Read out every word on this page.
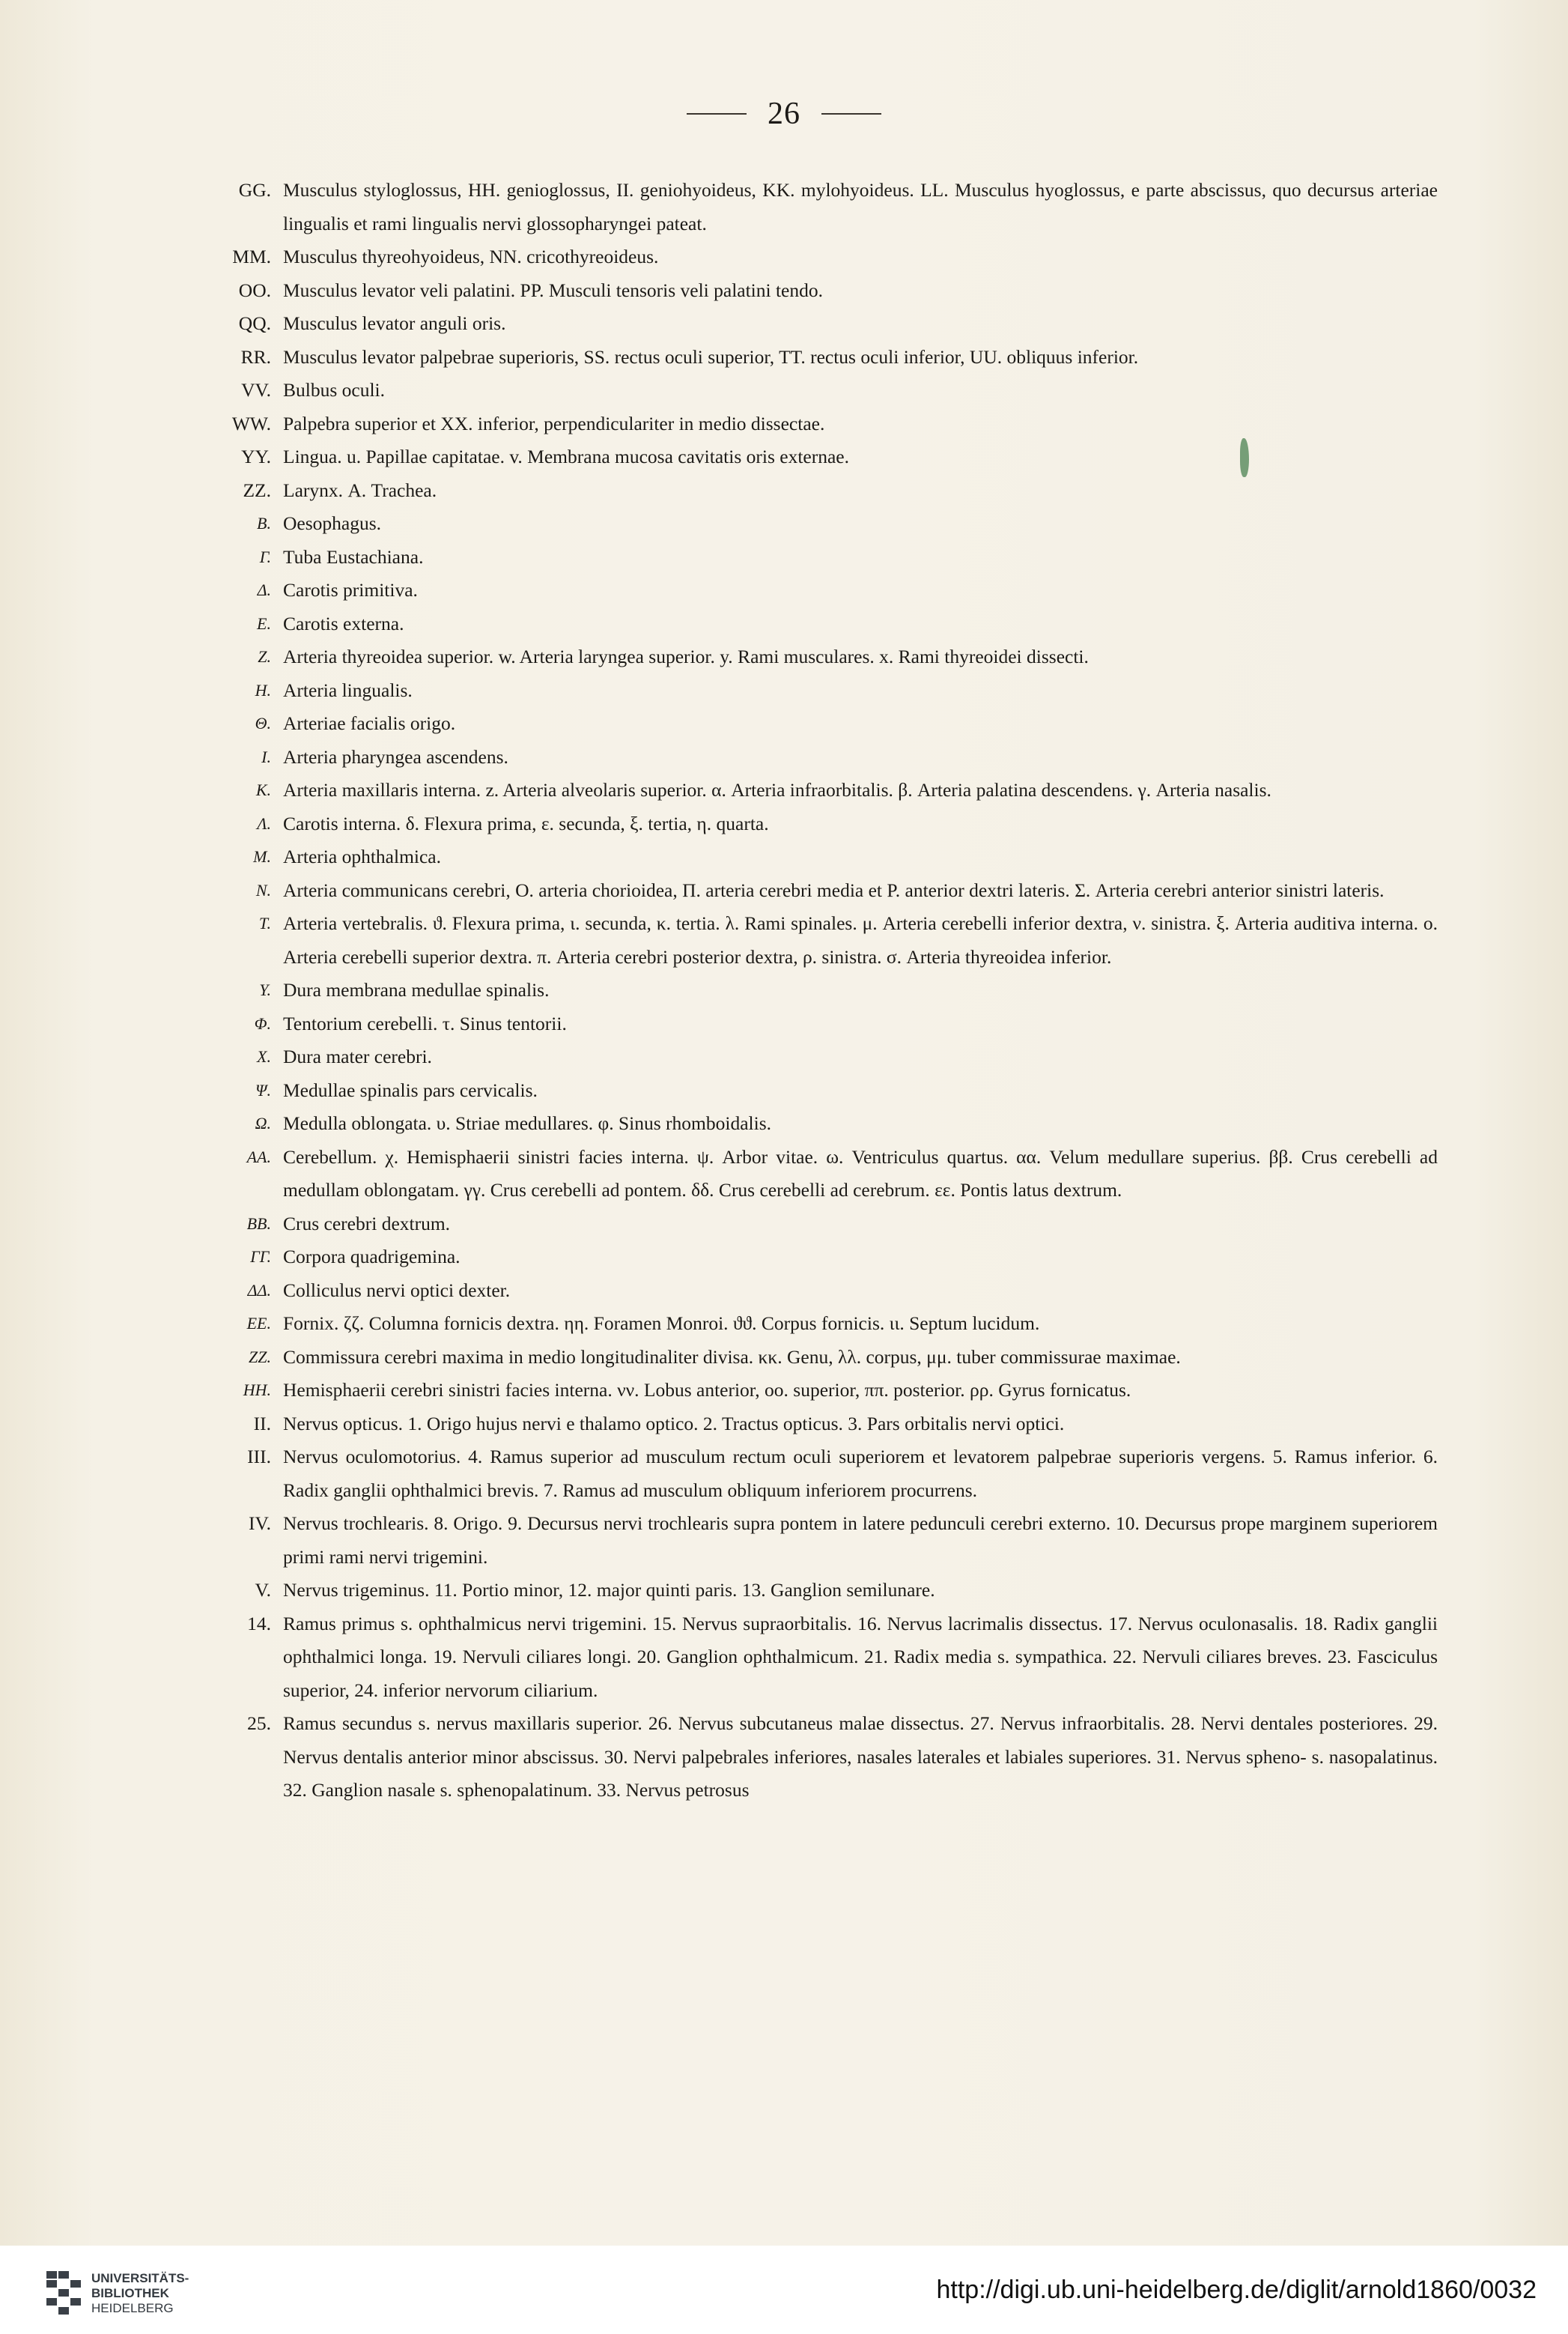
26
GG. Musculus styloglossus, HH. genioglossus, II. geniohyoideus, KK. mylohyoideus. LL. Musculus hyoglossus, e parte abscissus, quo decursus arteriae lingualis et rami lingualis nervi glossopharyngei pateat.
MM. Musculus thyreohyoideus, NN. cricothyreoideus.
OO. Musculus levator veli palatini. PP. Musculi tensoris veli palatini tendo.
QQ. Musculus levator anguli oris.
RR. Musculus levator palpebrae superioris, SS. rectus oculi superior, TT. rectus oculi inferior, UU. obliquus inferior.
VV. Bulbus oculi.
WW. Palpebra superior et XX. inferior, perpendiculariter in medio dissectae.
YY. Lingua. u. Papillae capitatae. v. Membrana mucosa cavitatis oris externae.
ZZ. Larynx. Α. Trachea.
Β. Oesophagus.
Γ. Tuba Eustachiana.
Δ. Carotis primitiva.
Ε. Carotis externa.
Ζ. Arteria thyreoidea superior. w. Arteria laryngea superior. y. Rami musculares. x. Rami thyreoidei dissecti.
Η. Arteria lingualis.
Θ. Arteriae facialis origo.
Ι. Arteria pharyngea ascendens.
Κ. Arteria maxillaris interna. z. Arteria alveolaris superior. α. Arteria infraorbitalis. β. Arteria palatina descendens. γ. Arteria nasalis.
Λ. Carotis interna. δ. Flexura prima, ε. secunda, ξ. tertia, η. quarta.
Μ. Arteria ophthalmica.
Ν. Arteria communicans cerebri, Ο. arteria chorioidea, Π. arteria cerebri media et Ρ. anterior dextri lateris. Σ. Arteria cerebri anterior sinistri lateris.
Τ. Arteria vertebralis. ϑ. Flexura prima, ι. secunda, κ. tertia. λ. Rami spinales. μ. Arteria cerebelli inferior dextra, ν. sinistra. ξ. Arteria auditiva interna. ο. Arteria cerebelli superior dextra. π. Arteria cerebri posterior dextra, ρ. sinistra. σ. Arteria thyreoidea inferior.
Υ. Dura membrana medullae spinalis.
Φ. Tentorium cerebelli. τ. Sinus tentorii.
Χ. Dura mater cerebri.
Ψ. Medullae spinalis pars cervicalis.
Ω. Medulla oblongata. υ. Striae medullares. φ. Sinus rhomboidalis.
ΑΑ. Cerebellum. χ. Hemisphaerii sinistri facies interna. ψ. Arbor vitae. ω. Ventriculus quartus. αα. Velum medullare superius. ββ. Crus cerebelli ad medullam oblongatam. γγ. Crus cerebelli ad pontem. δδ. Crus cerebelli ad cerebrum. εε. Pontis latus dextrum.
ΒΒ. Crus cerebri dextrum.
ΓΓ. Corpora quadrigemina.
ΔΔ. Colliculus nervi optici dexter.
ΕΕ. Fornix. ζζ. Columna fornicis dextra. ηη. Foramen Monroi. ϑϑ. Corpus fornicis. ιι. Septum lucidum.
ΖΖ. Commissura cerebri maxima in medio longitudinaliter divisa. κκ. Genu, λλ. corpus, μμ. tuber commissurae maximae.
ΗΗ. Hemisphaerii cerebri sinistri facies interna. νν. Lobus anterior, οο. superior, ππ. posterior. ρρ. Gyrus fornicatus.
II. Nervus opticus. 1. Origo hujus nervi e thalamo optico. 2. Tractus opticus. 3. Pars orbitalis nervi optici.
III. Nervus oculomotorius. 4. Ramus superior ad musculum rectum oculi superiorem et levatorem palpebrae superioris vergens. 5. Ramus inferior. 6. Radix ganglii ophthalmici brevis. 7. Ramus ad musculum obliquum inferiorem procurrens.
IV. Nervus trochlearis. 8. Origo. 9. Decursus nervi trochlearis supra pontem in latere pedunculi cerebri externo. 10. Decursus prope marginem superiorem primi rami nervi trigemini.
V. Nervus trigeminus. 11. Portio minor, 12. major quinti paris. 13. Ganglion semilunare.
14. Ramus primus s. ophthalmicus nervi trigemini. 15. Nervus supraorbitalis. 16. Nervus lacrimalis dissectus. 17. Nervus oculonasalis. 18. Radix ganglii ophthalmici longa. 19. Nervuli ciliares longi. 20. Ganglion ophthalmicum. 21. Radix media s. sympathica. 22. Nervuli ciliares breves. 23. Fasciculus superior, 24. inferior nervorum ciliarium.
25. Ramus secundus s. nervus maxillaris superior. 26. Nervus subcutaneus malae dissectus. 27. Nervus infraorbitalis. 28. Nervi dentales posteriores. 29. Nervus dentalis anterior minor abscissus. 30. Nervi palpebrales inferiores, nasales laterales et labiales superiores. 31. Nervus spheno- s. nasopalatinus. 32. Ganglion nasale s. sphenopalatinum. 33. Nervus petrosus
UNIVERSITÄTS-
BIBLIOTHEK
HEIDELBERG
http://digi.ub.uni-heidelberg.de/diglit/arnold1860/0032
